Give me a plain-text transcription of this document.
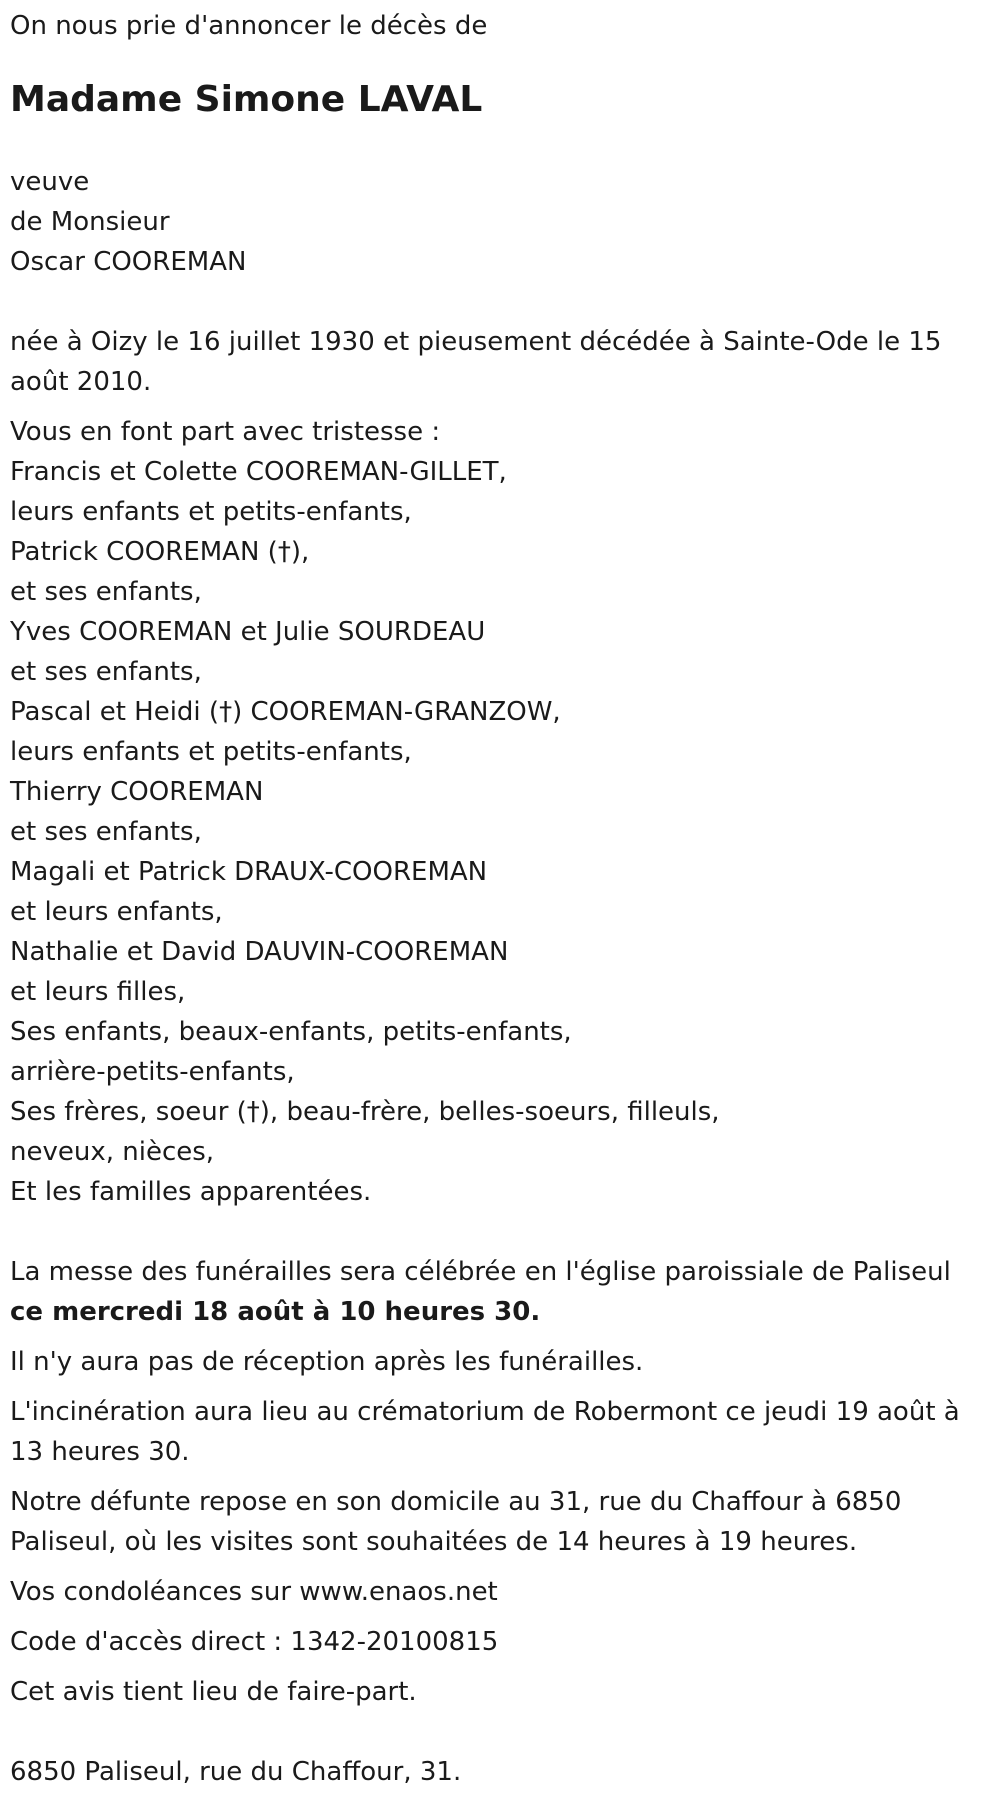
On nous prie d'annoncer le décès de

Madame Simone LAVAL

veuve

de Monsieur

Oscar COOREMAN

née à Oizy le 16 juillet 1930 et pieusement décédée à Sainte-Ode le 15 août 2010.

Vous en font part avec tristesse :

Francis et Colette COOREMAN-GILLET,

leurs enfants et petits-enfants,

Patrick COOREMAN (†),

et ses enfants,

Yves COOREMAN et Julie SOURDEAU

et ses enfants,

Pascal et Heidi (†) COOREMAN-GRANZOW,

leurs enfants et petits-enfants,

Thierry COOREMAN

et ses enfants,

Magali et Patrick DRAUX-COOREMAN

et leurs enfants,

Nathalie et David DAUVIN-COOREMAN

et leurs filles,

Ses enfants, beaux-enfants, petits-enfants,

arrière-petits-enfants,

Ses frères, soeur (†), beau-frère, belles-soeurs, filleuls,

neveux, nièces,

Et les familles apparentées.

La messe des funérailles sera célébrée en l'église paroissiale de Paliseul
ce mercredi 18 août à 10 heures 30.

Il n'y aura pas de réception après les funérailles.

L'incinération aura lieu au crématorium de Robermont ce jeudi 19 août à 13 heures 30.

Notre défunte repose en son domicile au 31, rue du Chaffour à 6850 Paliseul, où les visites sont souhaitées de 14 heures à 19 heures.

Vos condoléances sur www.enaos.net

Code d'accès direct : 1342-20100815

Cet avis tient lieu de faire-part.

6850 Paliseul, rue du Chaffour, 31.
